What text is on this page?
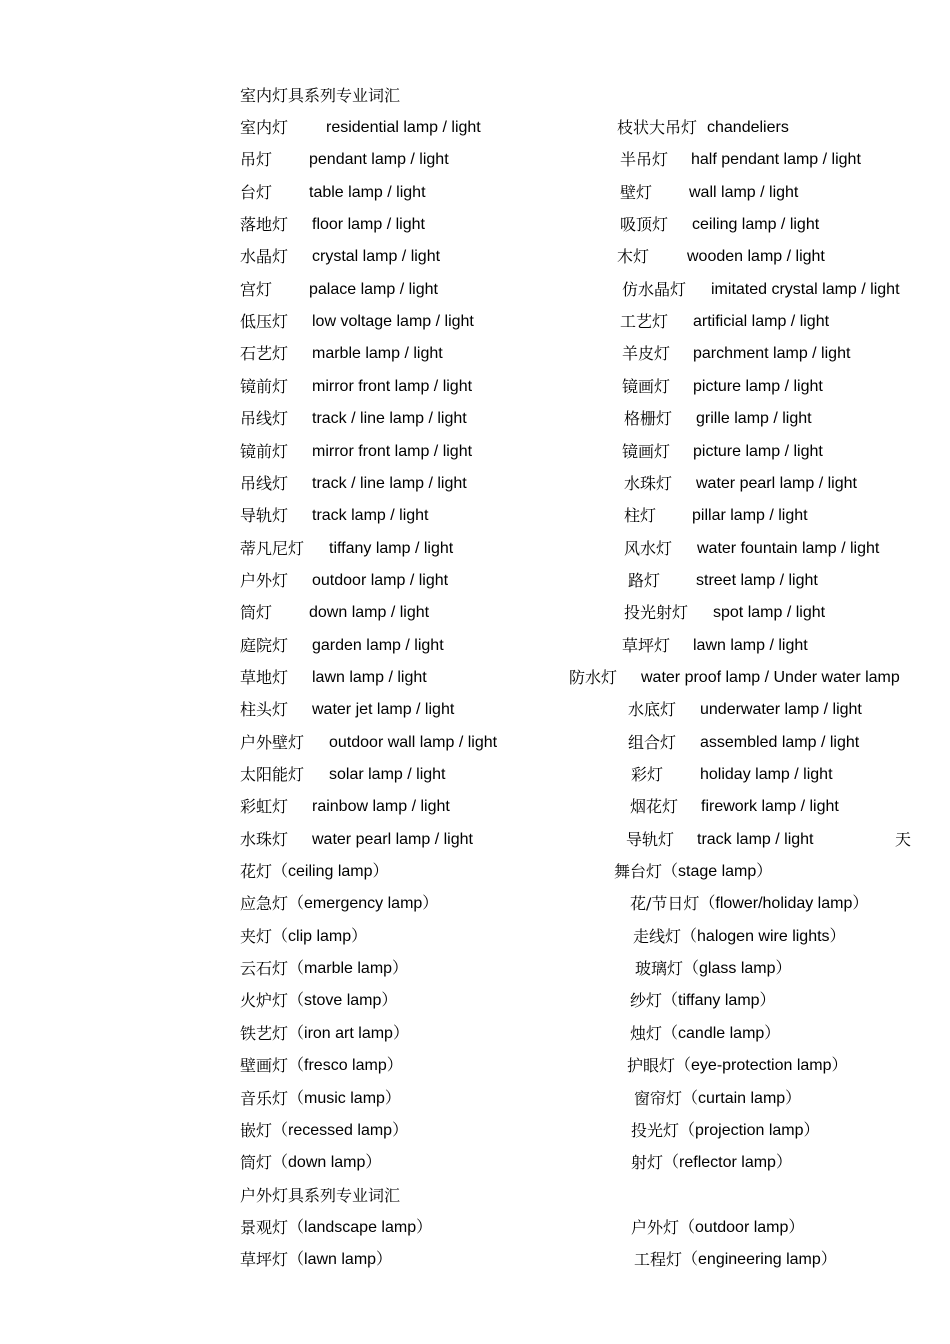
室内灯具系列专业词汇
室内灯 residential lamp / light
吊灯 pendant lamp / light
台灯 table lamp / light
落地灯 floor lamp / light
水晶灯 crystal lamp / light
宫灯 palace lamp / light
低压灯 low voltage lamp / light
石艺灯 marble lamp / light
镜前灯 mirror front lamp / light
吊线灯 track / line lamp / light
镜前灯 mirror front lamp / light
吊线灯 track / line lamp / light
导轨灯 track lamp / light
蒂凡尼灯 tiffany lamp / light
户外灯 outdoor lamp / light
筒灯 down lamp / light
庭院灯 garden lamp / light
草地灯 lawn lamp / light
柱头灯 water jet lamp / light
户外壁灯 outdoor wall lamp / light
太阳能灯 solar lamp / light
彩虹灯 rainbow lamp / light
水珠灯 water pearl lamp / light
枝状大吊灯 chandeliers
半吊灯 half pendant lamp / light
壁灯 wall lamp / light
吸顶灯 ceiling lamp / light
木灯 wooden lamp / light
仿水晶灯 imitated crystal lamp / light
工艺灯 artificial lamp / light
羊皮灯 parchment lamp / light
镜画灯 picture lamp / light
格栅灯 grille lamp / light
镜画灯 picture lamp / light
水珠灯 water pearl lamp / light
柱灯 pillar lamp / light
风水灯 water fountain lamp / light
路灯 street lamp / light
投光射灯 spot lamp / light
草坪灯 lawn lamp / light
防水灯 water proof lamp / Under water lamp
水底灯 underwater lamp / light
组合灯 assembled lamp / light
彩灯 holiday lamp / light
烟花灯 firework lamp / light
导轨灯 track lamp / light	天
花灯 （ceiling lamp）
应急灯 （emergency lamp）
夹灯 （clip lamp）
云石灯 （marble lamp）
火炉灯 （stove lamp）
铁艺灯 （iron art lamp）
壁画灯 （fresco lamp）
音乐灯 （music lamp）
嵌灯 （recessed lamp）
筒灯 （down lamp）
舞台灯 （stage lamp）
花/节日灯 （flower/holiday lamp）
走线灯 （halogen wire lights）
玻璃灯 （glass lamp）
纱灯 （tiffany lamp）
烛灯 （candle lamp）
护眼灯 （eye-protection lamp）
窗帘灯 （curtain lamp）
投光灯 （projection lamp）
射灯 （reflector lamp）
户外灯具系列专业词汇
景观灯 （landscape lamp）
草坪灯 （lawn lamp）
户外灯 （outdoor lamp）
工程灯 （engineering lamp）
